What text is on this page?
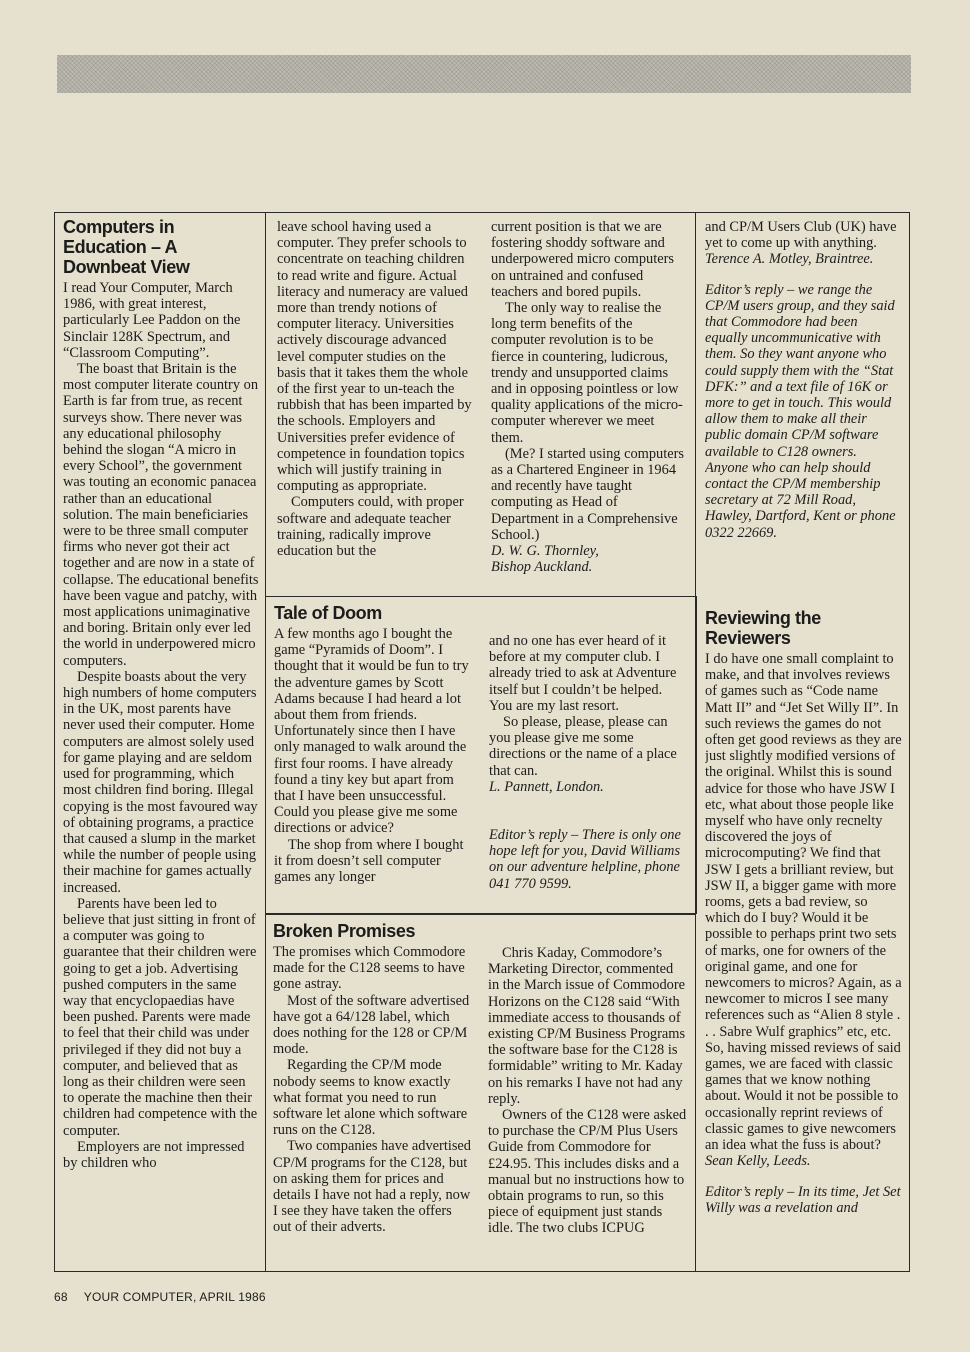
Computers in Education – A Downbeat View

I read Your Computer, March 1986, with great interest, particularly Lee Paddon on the Sinclair 128K Spectrum, and “Classroom Computing”.

The boast that Britain is the most computer literate country on Earth is far from true, as recent surveys show. There never was any educational philosophy behind the slogan “A micro in every School”, the government was touting an economic panacea rather than an educational solution. The main beneficiaries were to be three small computer firms who never got their act together and are now in a state of collapse. The educational benefits have been vague and patchy, with most applications unimaginative and boring. Britain only ever led the world in underpowered micro computers.

Despite boasts about the very high numbers of home computers in the UK, most parents have never used their computer. Home computers are almost solely used for game playing and are seldom used for programming, which most children find boring. Illegal copying is the most favoured way of obtaining programs, a practice that caused a slump in the market while the number of people using their machine for games actually increased.

Parents have been led to believe that just sitting in front of a computer was going to guarantee that their children were going to get a job. Advertising pushed computers in the same way that encyclopaedias have been pushed. Parents were made to feel that their child was under privileged if they did not buy a computer, and believed that as long as their children were seen to operate the machine then their children had competence with the computer.

Employers are not impressed by children who

leave school having used a computer. They prefer schools to concentrate on teaching children to read write and figure. Actual literacy and numeracy are valued more than trendy notions of computer literacy. Universities actively discourage advanced level computer studies on the basis that it takes them the whole of the first year to un-teach the rubbish that has been imparted by the schools. Employers and Universities prefer evidence of competence in foundation topics which will justify training in computing as appropriate.

Computers could, with proper software and adequate teacher training, radically improve education but the

current position is that we are fostering shoddy software and underpowered micro computers on untrained and confused teachers and bored pupils.

The only way to realise the long term benefits of the computer revolution is to be fierce in countering, ludicrous, trendy and unsupported claims and in opposing pointless or low quality applications of the micro-computer wherever we meet them.

(Me? I started using computers as a Chartered Engineer in 1964 and recently have taught computing as Head of Department in a Comprehensive School.)

D. W. G. Thornley,

Bishop Auckland.

and CP/M Users Club (UK) have yet to come up with anything.

Terence A. Motley, Braintree.

Editor’s reply – we range the CP/M users group, and they said that Commodore had been equally uncommunicative with them. So they want anyone who could supply them with the “Stat DFK:” and a text file of 16K or more to get in touch. This would allow them to make all their public domain CP/M software available to C128 owners.

Anyone who can help should contact the CP/M membership secretary at 72 Mill Road, Hawley, Dartford, Kent or phone 0322 22669.

Tale of Doom

A few months ago I bought the game “Pyramids of Doom”. I thought that it would be fun to try the adventure games by Scott Adams because I had heard a lot about them from friends. Unfortunately since then I have only managed to walk around the first four rooms. I have already found a tiny key but apart from that I have been unsuccessful. Could you please give me some directions or advice?

The shop from where I bought it from doesn’t sell computer games any longer

and no one has ever heard of it before at my computer club. I already tried to ask at Adventure itself but I couldn’t be helped. You are my last resort.

So please, please, please can you please give me some directions or the name of a place that can.

L. Pannett, London.

Editor’s reply – There is only one hope left for you, David Williams on our adventure helpline, phone 041 770 9599.

Broken Promises

The promises which Commodore made for the C128 seems to have gone astray.

Most of the software advertised have got a 64/128 label, which does nothing for the 128 or CP/M mode.

Regarding the CP/M mode nobody seems to know exactly what format you need to run software let alone which software runs on the C128.

Two companies have advertised CP/M programs for the C128, but on asking them for prices and details I have not had a reply, now I see they have taken the offers out of their adverts.

Chris Kaday, Commodore’s Marketing Director, commented in the March issue of Commodore Horizons on the C128 said “With immediate access to thousands of existing CP/M Business Programs the software base for the C128 is formidable” writing to Mr. Kaday on his remarks I have not had any reply.

Owners of the C128 were asked to purchase the CP/M Plus Users Guide from Commodore for £24.95. This includes disks and a manual but no instructions how to obtain programs to run, so this piece of equipment just stands idle. The two clubs ICPUG

Reviewing the Reviewers

I do have one small complaint to make, and that involves reviews of games such as “Code name Matt II” and “Jet Set Willy II”. In such reviews the games do not often get good reviews as they are just slightly modified versions of the original. Whilst this is sound advice for those who have JSW I etc, what about those people like myself who have only recnelty discovered the joys of microcomputing? We find that JSW I gets a brilliant review, but JSW II, a bigger game with more rooms, gets a bad review, so which do I buy? Would it be possible to perhaps print two sets of marks, one for owners of the original game, and one for newcomers to micros? Again, as a newcomer to micros I see many references such as “Alien 8 style . . . Sabre Wulf graphics” etc, etc. So, having missed reviews of said games, we are faced with classic games that we know nothing about. Would it not be possible to occasionally reprint reviews of classic games to give newcomers an idea what the fuss is about?

Sean Kelly, Leeds.

Editor’s reply – In its time, Jet Set Willy was a revelation and

68 YOUR COMPUTER, APRIL 1986
